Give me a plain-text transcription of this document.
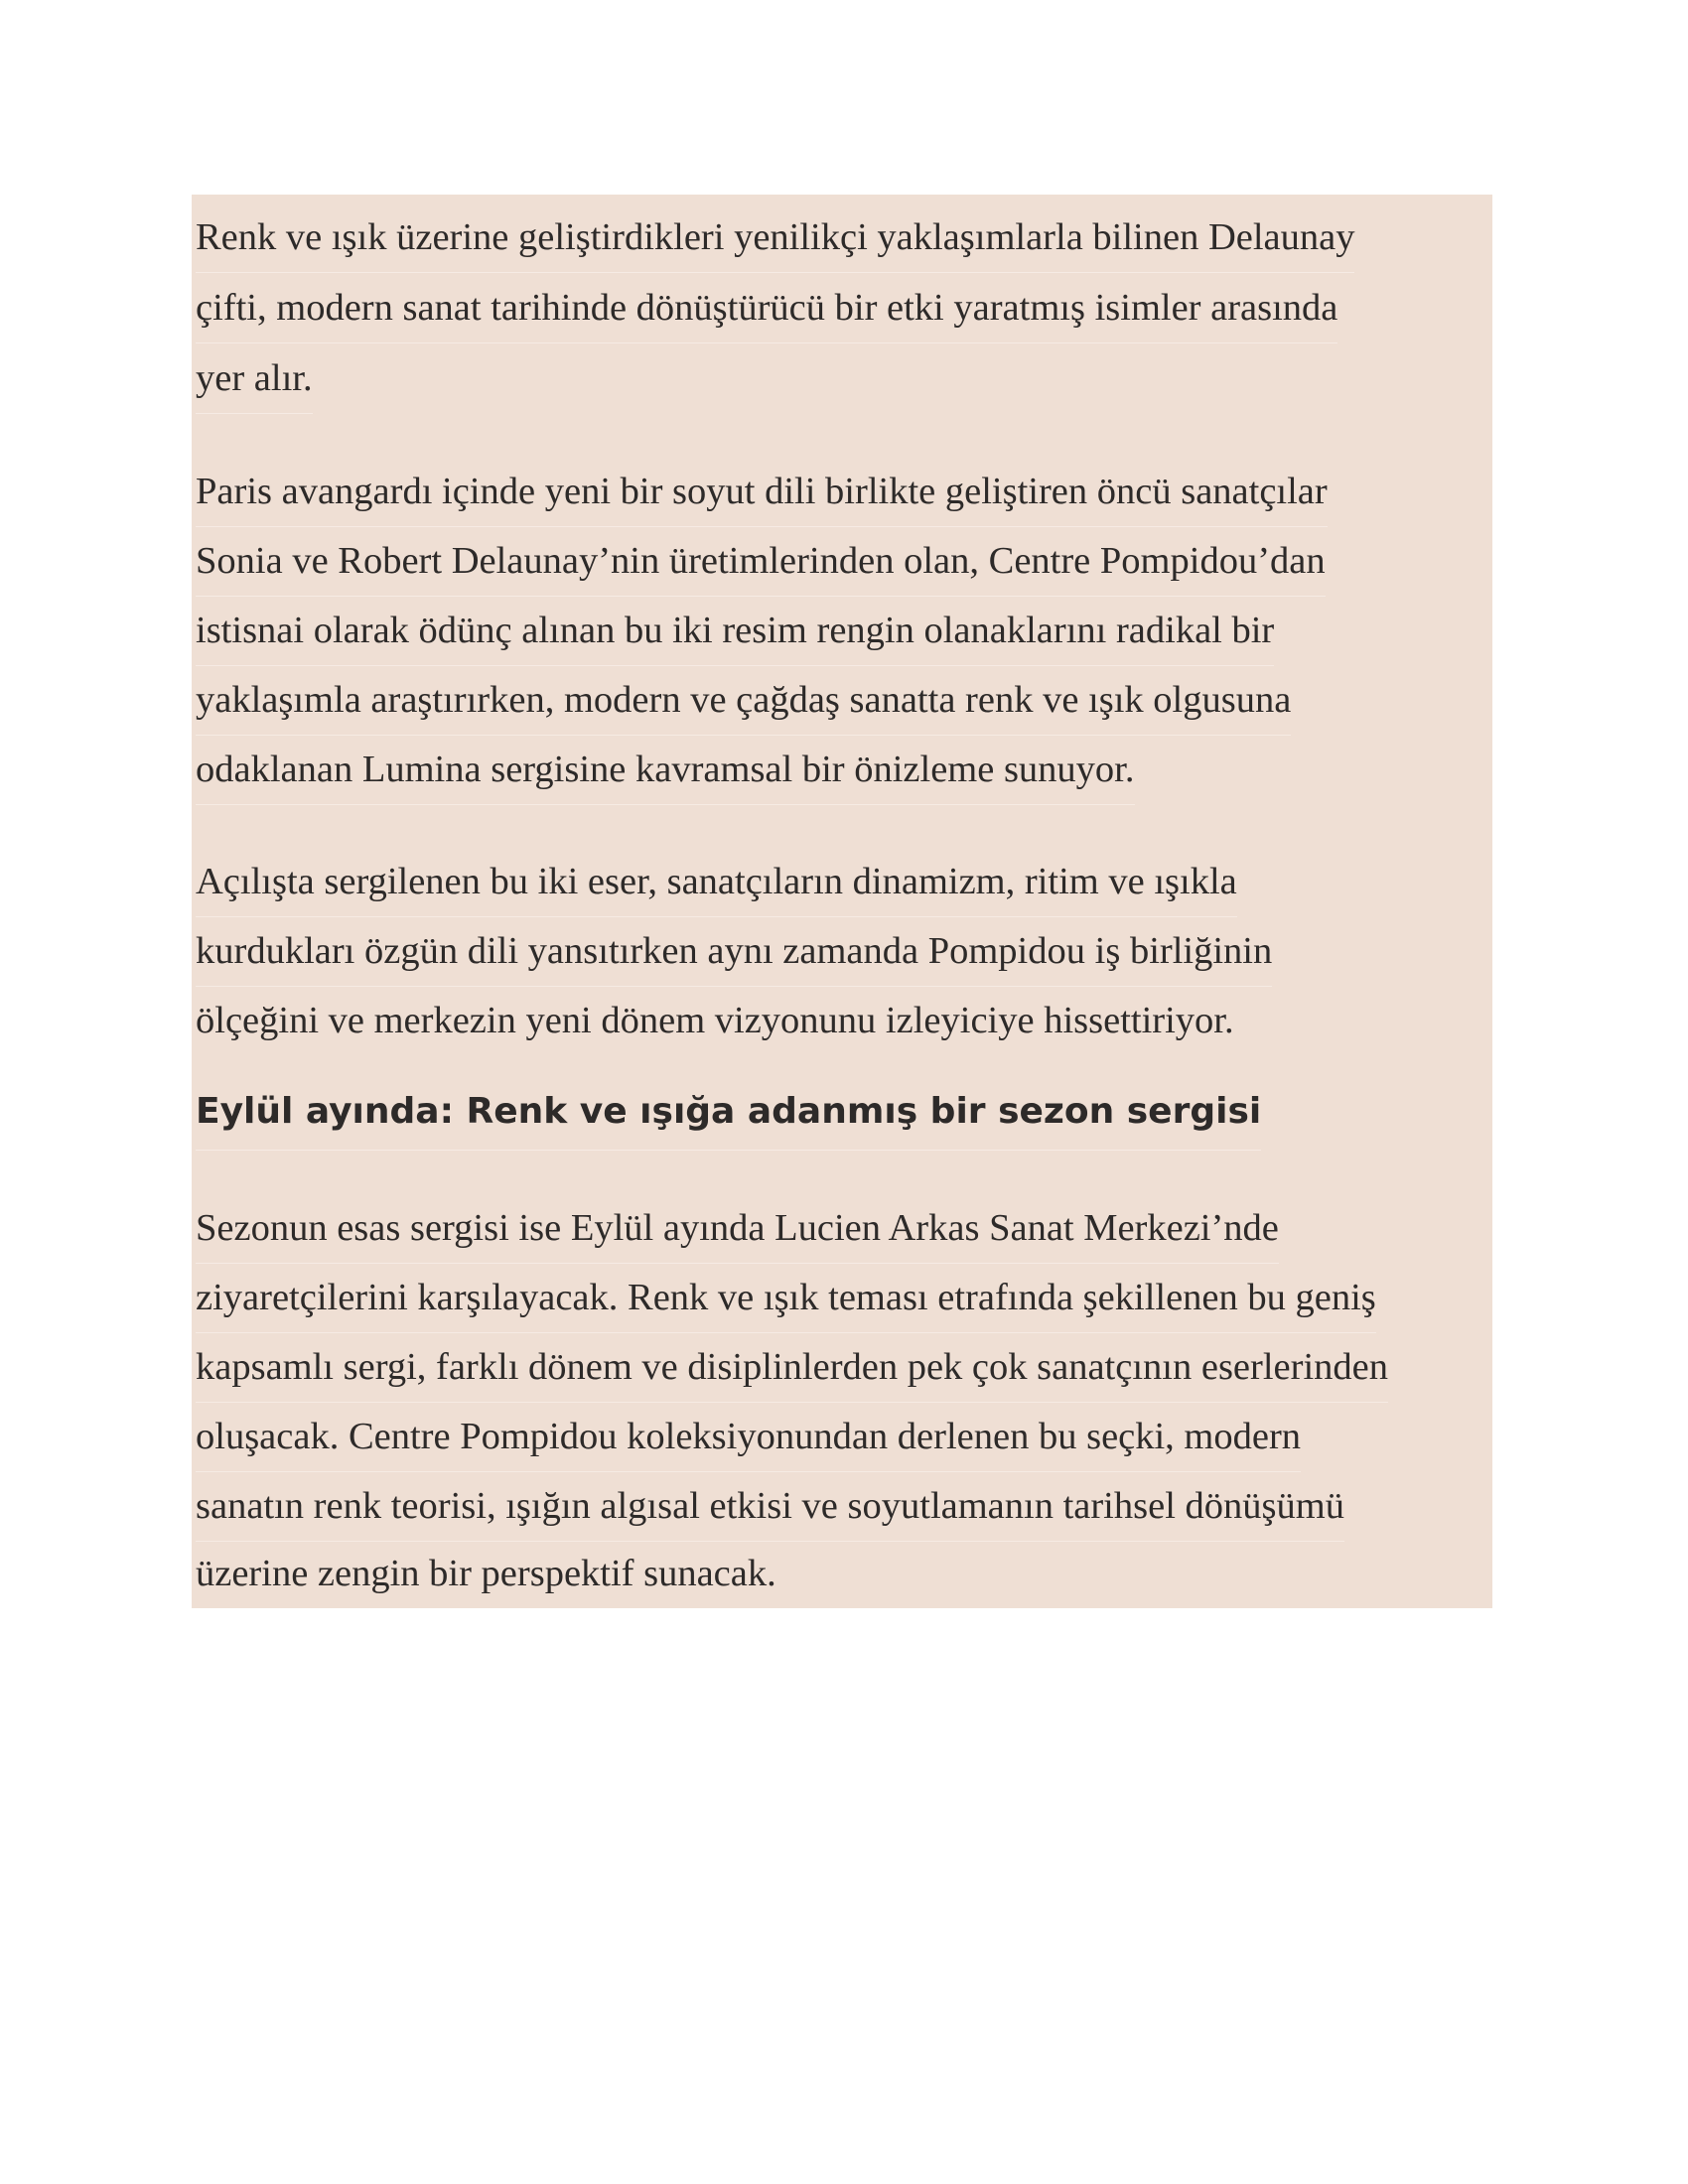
Renk ve ışık üzerine geliştirdikleri yenilikçi yaklaşımlarla bilinen Delaunay
çifti, modern sanat tarihinde dönüştürücü bir etki yaratmış isimler arasında
yer alır.
Paris avangardı içinde yeni bir soyut dili birlikte geliştiren öncü sanatçılar
Sonia ve Robert Delaunay’nin üretimlerinden olan, Centre Pompidou’dan
istisnai olarak ödünç alınan bu iki resim rengin olanaklarını radikal bir
yaklaşımla araştırırken, modern ve çağdaş sanatta renk ve ışık olgusuna
odaklanan Lumina sergisine kavramsal bir önizleme sunuyor.
Açılışta sergilenen bu iki eser, sanatçıların dinamizm, ritim ve ışıkla
kurdukları özgün dili yansıtırken aynı zamanda Pompidou iş birliğinin
ölçeğini ve merkezin yeni dönem vizyonunu izleyiciye hissettiriyor.
Eylül ayında: Renk ve ışığa adanmış bir sezon sergisi
Sezonun esas sergisi ise Eylül ayında Lucien Arkas Sanat Merkezi’nde
ziyaretçilerini karşılayacak. Renk ve ışık teması etrafında şekillenen bu geniş
kapsamlı sergi, farklı dönem ve disiplinlerden pek çok sanatçının eserlerinden
oluşacak. Centre Pompidou koleksiyonundan derlenen bu seçki, modern
sanatın renk teorisi, ışığın algısal etkisi ve soyutlamanın tarihsel dönüşümü
üzerine zengin bir perspektif sunacak.
